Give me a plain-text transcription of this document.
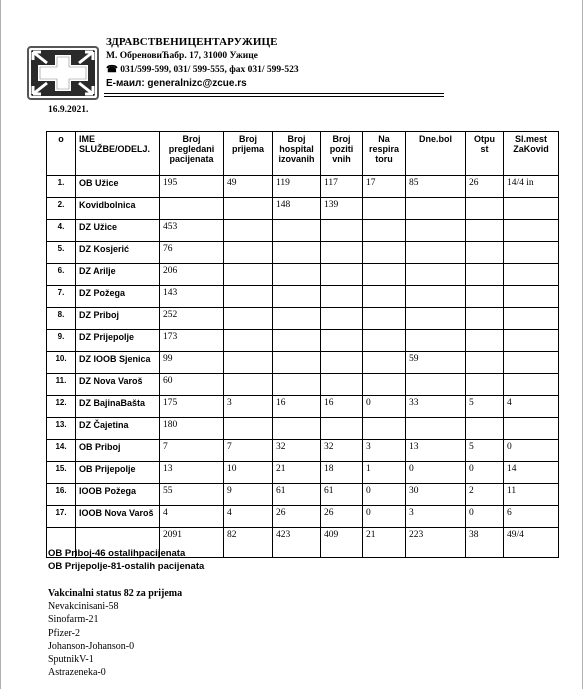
ЗДРАВСТВЕНИЦЕНТАРУЖИЦЕ
М. ОбреновиЋабр. 17, 31000 Ужице
☎ 031/599-599, 031/ 599-555, фах 031/ 599-523
Е-маил: generalnizc@zcue.rs
16.9.2021.
o	IME SLUŽBE/ODELJ.	Broj pregledani pacijenata	Broj prijema	Broj hospital izovanih	Broj poziti vnih	Na respira toru	Dne.bol	Otpu st	Sl.mest ZaKovid
1.	OB Užice	195	49	119	117	17	85	26	14/4 in
2.	Kovidbolnica			148	139				
4.	DZ Užice	453							
5.	DZ Kosjerić	76							
6.	DZ Arilje	206							
7.	DZ Požega	143							
8.	DZ Priboj	252							
9.	DZ Prijepolje	173							
10.	DZ IOOB Sjenica	99					59		
11.	DZ Nova Varoš	60							
12.	DZ BajinaBašta	175	3	16	16	0	33	5	4
13.	DZ Čajetina	180							
14.	OB Priboj	7	7	32	32	3	13	5	0
15.	OB Prijepolje	13	10	21	18	1	0	0	14
16.	IOOB Požega	55	9	61	61	0	30	2	11
17.	IOOB Nova Varoš	4	4	26	26	0	3	0	6
		2091	82	423	409	21	223	38	49/4
OB Priboj-46 ostalihpacijenata
OB Prijepolje-81-ostalih pacijenata
Vakcinalni status 82 za prijema
Nevakcinisani-58
Sinofarm-21
Pfizer-2
Johanson-Johanson-0
SputnikV-1
Astrazeneka-0
